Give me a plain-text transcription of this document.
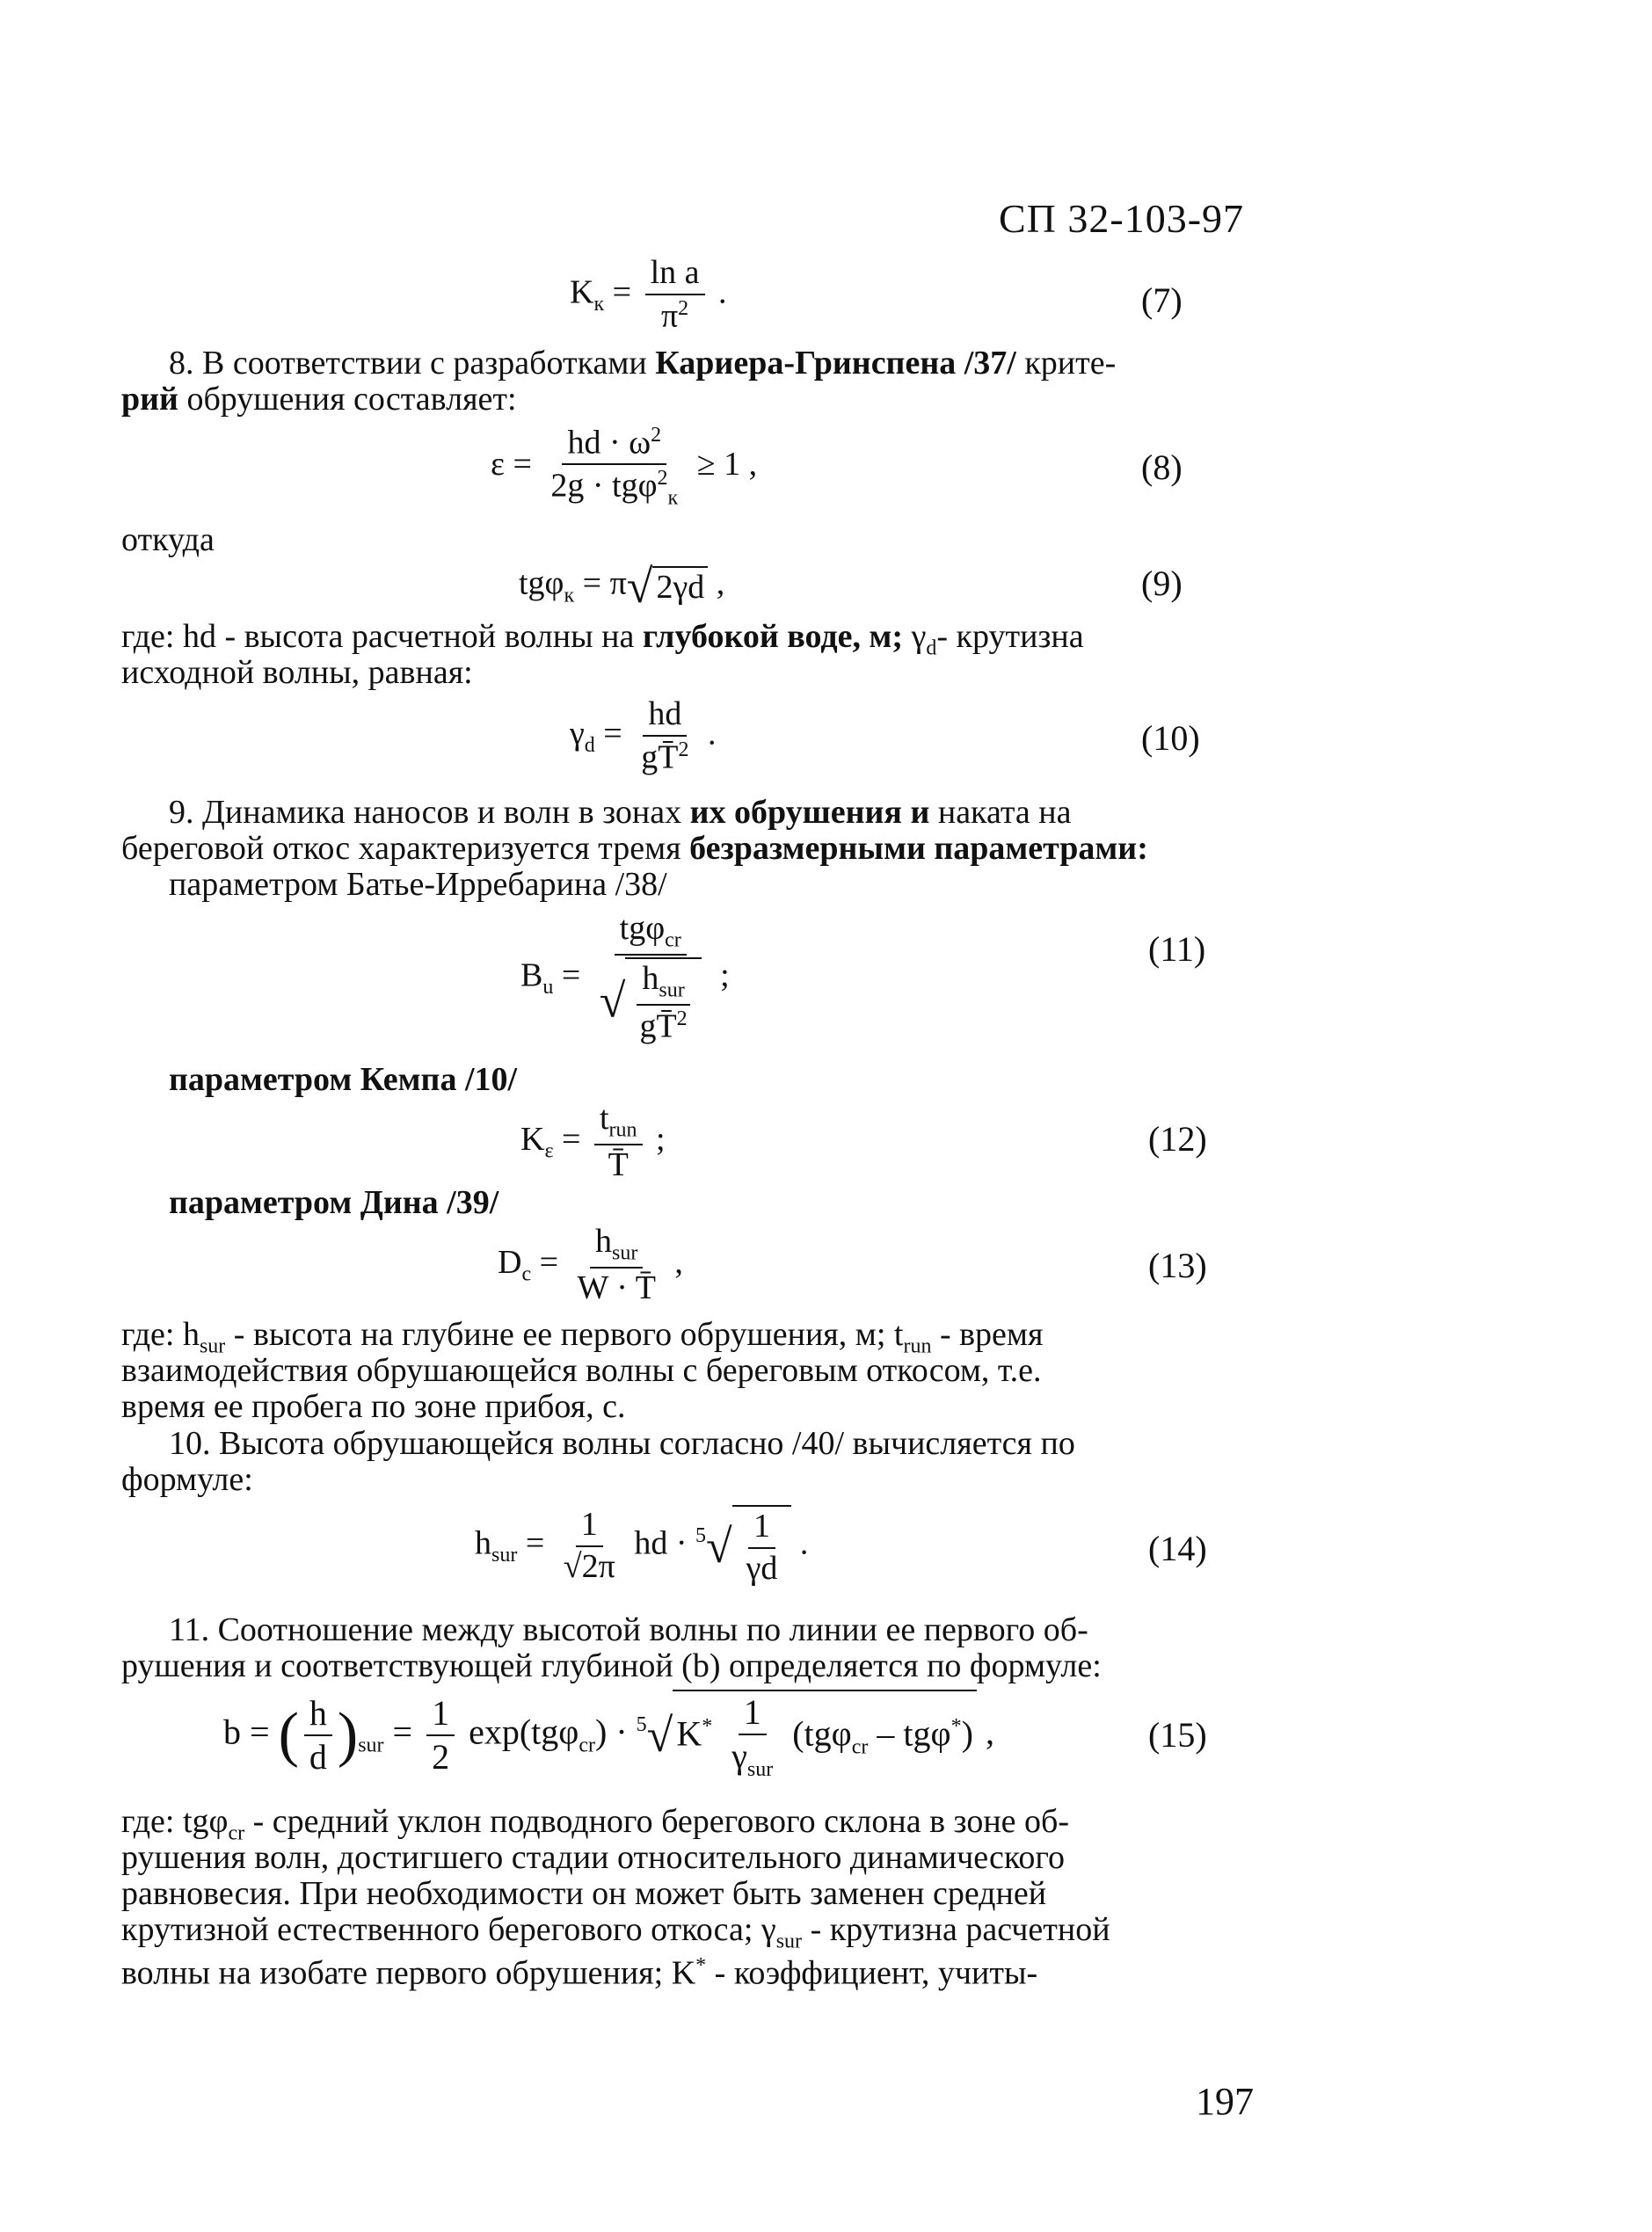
СП 32-103-97
$K_к = \frac{\text{ln a}}{\pi^2}$ .	(7)
8. В соответствии с разработками Кариера-Гринспена /37/ крите-
рий обрушения составляет:
$\varepsilon = \frac{hd \cdot \omega^2}{2g \cdot tg\varphi^2_к} \ge 1$ ,	(8)
откуда
tgφ$_к$ = π√ 2γd ,	(9)
где: hd - высота расчетной волны на глубокой воде, м; $\gamma_d-$ крутизна
исходной волны, равная:
$\gamma_d = \frac{hd}{gT̄^2}$ .	(10)
9. Динамика наносов и волн в зонах их обрушения и наката на
береговой откос характеризуется тремя безразмерными параметрами:
параметром Батье-Ирребарина /38/
$B_u = \frac{tg\varphi_{cr}}{√ \frac{h_{sur}}{gT̄^2}}$ ;
(11)
параметром Кемпа /10/
$K_\varepsilon = \frac{t_{run}}{T̄}$ ;	(12)
параметром Дина /39/
$D_c = \frac{h_{sur}}{W \cdot T̄}$ ,	(13)
где: $h_{sur}$ - высота на глубине ее первого обрушения, м; $t_{run}$ - время
взаимодействия обрушающейся волны с береговым откосом, т.е.
время ее пробега по зоне прибоя, с.
10. Высота обрушающейся волны согласно /40/ вычисляется по
формуле:
$h_{sur} = \frac{1}{√2\pi}$ hd · $^5√ \frac{1}{\gamma d}$ .	(14)
11. Соотношение между высотой волны по линии ее первого об-
рушения и соответствующей глубиной (b) определяется по формуле:
b = ( $\frac{h}{d} )_{sur} = \frac{1}{2} \exp(tg\varphi_{cr}) \cdot ^5√$ $K^* \frac{1}{\gamma_{sur}} (tg\varphi_{cr} - tg\varphi^*)$ ,	(15)
где: tgφ$_{cr}$ - средний уклон подводного берегового склона в зоне об-
рушения волн, достигшего стадии относительного динамического
равновесия. При необходимости он может быть заменен средней
крутизной естественного берегового откоса; $\gamma_{sur}$ - крутизна расчетной
волны на изобате первого обрушения; K* - коэффициент, учиты-
197
